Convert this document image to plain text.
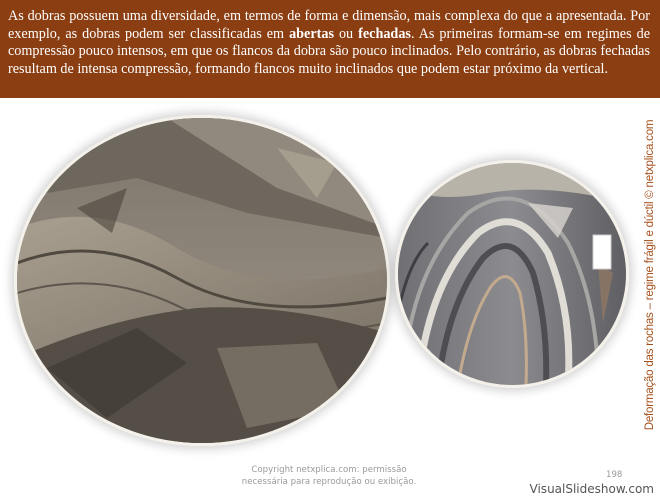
As dobras possuem uma diversidade, em termos de forma e dimensão, mais complexa do que a apresentada. Por exemplo, as dobras podem ser classificadas em abertas ou fechadas. As primeiras formam-se em regimes de compressão pouco intensos, em que os flancos da dobra são pouco inclinados. Pelo contrário, as dobras fechadas resultam de intensa compressão, formando flancos muito inclinados que podem estar próximo da vertical.
Deformação das rochas – regime frágil e dúctil © netxplica.com
Copyright netxplica.com: permissão
necessária para reprodução ou exibição.
198
VisualSlideshow.com
